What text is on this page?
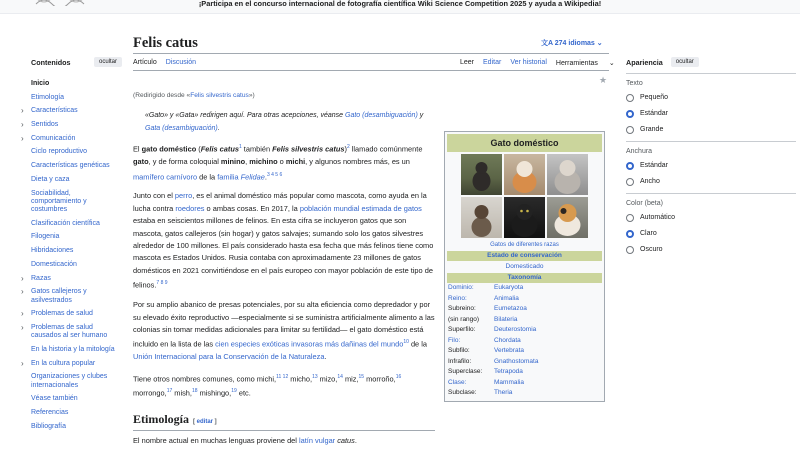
¡Participa en el concurso internacional de fotografía científica Wiki Science Competition 2025 y ayuda a Wikipedia!
Contenidos	ocultar
Inicio
Etimología
› Características
› Sentidos
› Comunicación
Ciclo reproductivo
Características genéticas
Dieta y caza
Sociabilidad, comportamiento y costumbres
Clasificación científica
Filogenia
Hibridaciones
Domesticación
› Razas
› Gatos callejeros y asilvestrados
› Problemas de salud
› Problemas de salud causados al ser humano
En la historia y la mitología
› En la cultura popular
Organizaciones y clubes internacionales
Véase también
Referencias
Bibliografía
Felis catus	文A 274 idiomas ⌄
Artículo Discusión	Leer Editar Ver historial Herramientas ⌄
★
(Redirigido desde «Felis silvestris catus»)
«Gato» y «Gata» redirigen aquí. Para otras acepciones, véanse Gato (desambiguación) y Gata (desambiguación).

El gato doméstico (Felis catus$^1$ también Felis silvestris catus)$^2$ llamado comúnmente gato, y de forma coloquial minino, michino o michi, y algunos nombres más, es un mamífero carnívoro de la familia Felidae.$^{3 4 5 6}$

Junto con el perro, es el animal doméstico más popular como mascota, como ayuda en la lucha contra roedores o ambas cosas. En 2017, la población mundial estimada de gatos estaba en seiscientos millones de felinos. En esta cifra se incluyeron gatos que son mascota, gatos callejeros (sin hogar) y gatos salvajes; sumando solo los gatos silvestres alrededor de 100 millones. El país considerado hasta esa fecha que más felinos tiene como mascota es Estados Unidos. Rusia contaba con aproximadamente 23 millones de gatos domésticos en 2021 convirtiéndose en el país europeo con mayor población de este tipo de felinos.$^{7 8 9}$

Por su amplio abanico de presas potenciales, por su alta eficiencia como depredador y por su elevado éxito reproductivo —especialmente si se suministra artificialmente alimento a las colonias sin tomar medidas adicionales para limitar su fertilidad— el gato doméstico está incluido en la lista de las cien especies exóticas invasoras más dañinas del mundo$^{10}$ de la Unión Internacional para la Conservación de la Naturaleza.

Tiene otros nombres comunes, como michi,$^{11 12}$ micho,$^{13}$ mizo,$^{14}$ miz,$^{15}$ morroño,$^{16}$ morrongo,$^{17}$ mish,$^{18}$ mishingo,$^{19}$ etc.

Etimología [ editar ]

El nombre actual en muchas lenguas proviene del latín vulgar catus.

Gato doméstico
Gatos de diferentes razas
Estado de conservación
Domesticado
Taxonomía
Dominio:	Eukaryota
Reino:	Animalia
Subreino:	Eumetazoa
(sin rango)	Bilateria
Superfilo:	Deuterostomia
Filo:	Chordata
Subfilo:	Vertebrata
Infrafilo:	Gnathostomata
Superclase:	Tetrapoda
Clase:	Mammalia
Subclase:	Theria
Apariencia	ocultar
Texto
Pequeño
Estándar
Grande
Anchura
Estándar
Ancho
Color (beta)
Automático
Claro
Oscuro
